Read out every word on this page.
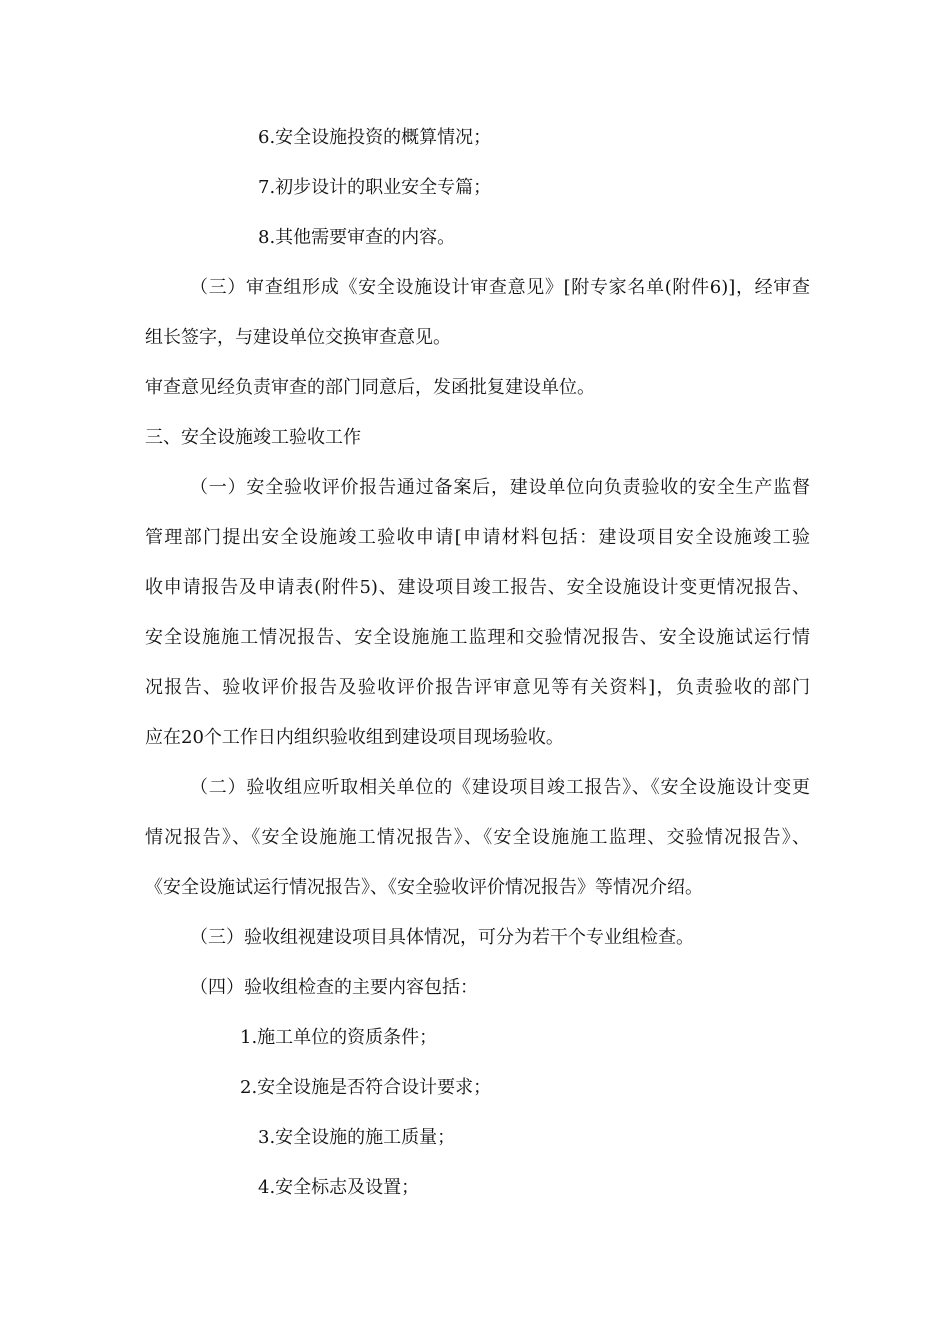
6.安全设施投资的概算情况；
7.初步设计的职业安全专篇；
8.其他需要审查的内容。
（三）审查组形成《安全设施设计审查意见》[附专家名单(附件6)]，经审查
组长签字，与建设单位交换审查意见。
审查意见经负责审查的部门同意后，发函批复建设单位。
三、安全设施竣工验收工作
（一）安全验收评价报告通过备案后，建设单位向负责验收的安全生产监督
管理部门提出安全设施竣工验收申请[申请材料包括：建设项目安全设施竣工验
收申请报告及申请表(附件5)、建设项目竣工报告、安全设施设计变更情况报告、
安全设施施工情况报告、安全设施施工监理和交验情况报告、安全设施试运行情
况报告、验收评价报告及验收评价报告评审意见等有关资料]，负责验收的部门
应在20个工作日内组织验收组到建设项目现场验收。
（二）验收组应听取相关单位的《建设项目竣工报告》、《安全设施设计变更
情况报告》、《安全设施施工情况报告》、《安全设施施工监理、交验情况报告》、
《安全设施试运行情况报告》、《安全验收评价情况报告》等情况介绍。
（三）验收组视建设项目具体情况，可分为若干个专业组检查。
（四）验收组检查的主要内容包括：
1.施工单位的资质条件；
2.安全设施是否符合设计要求；
3.安全设施的施工质量；
4.安全标志及设置；
